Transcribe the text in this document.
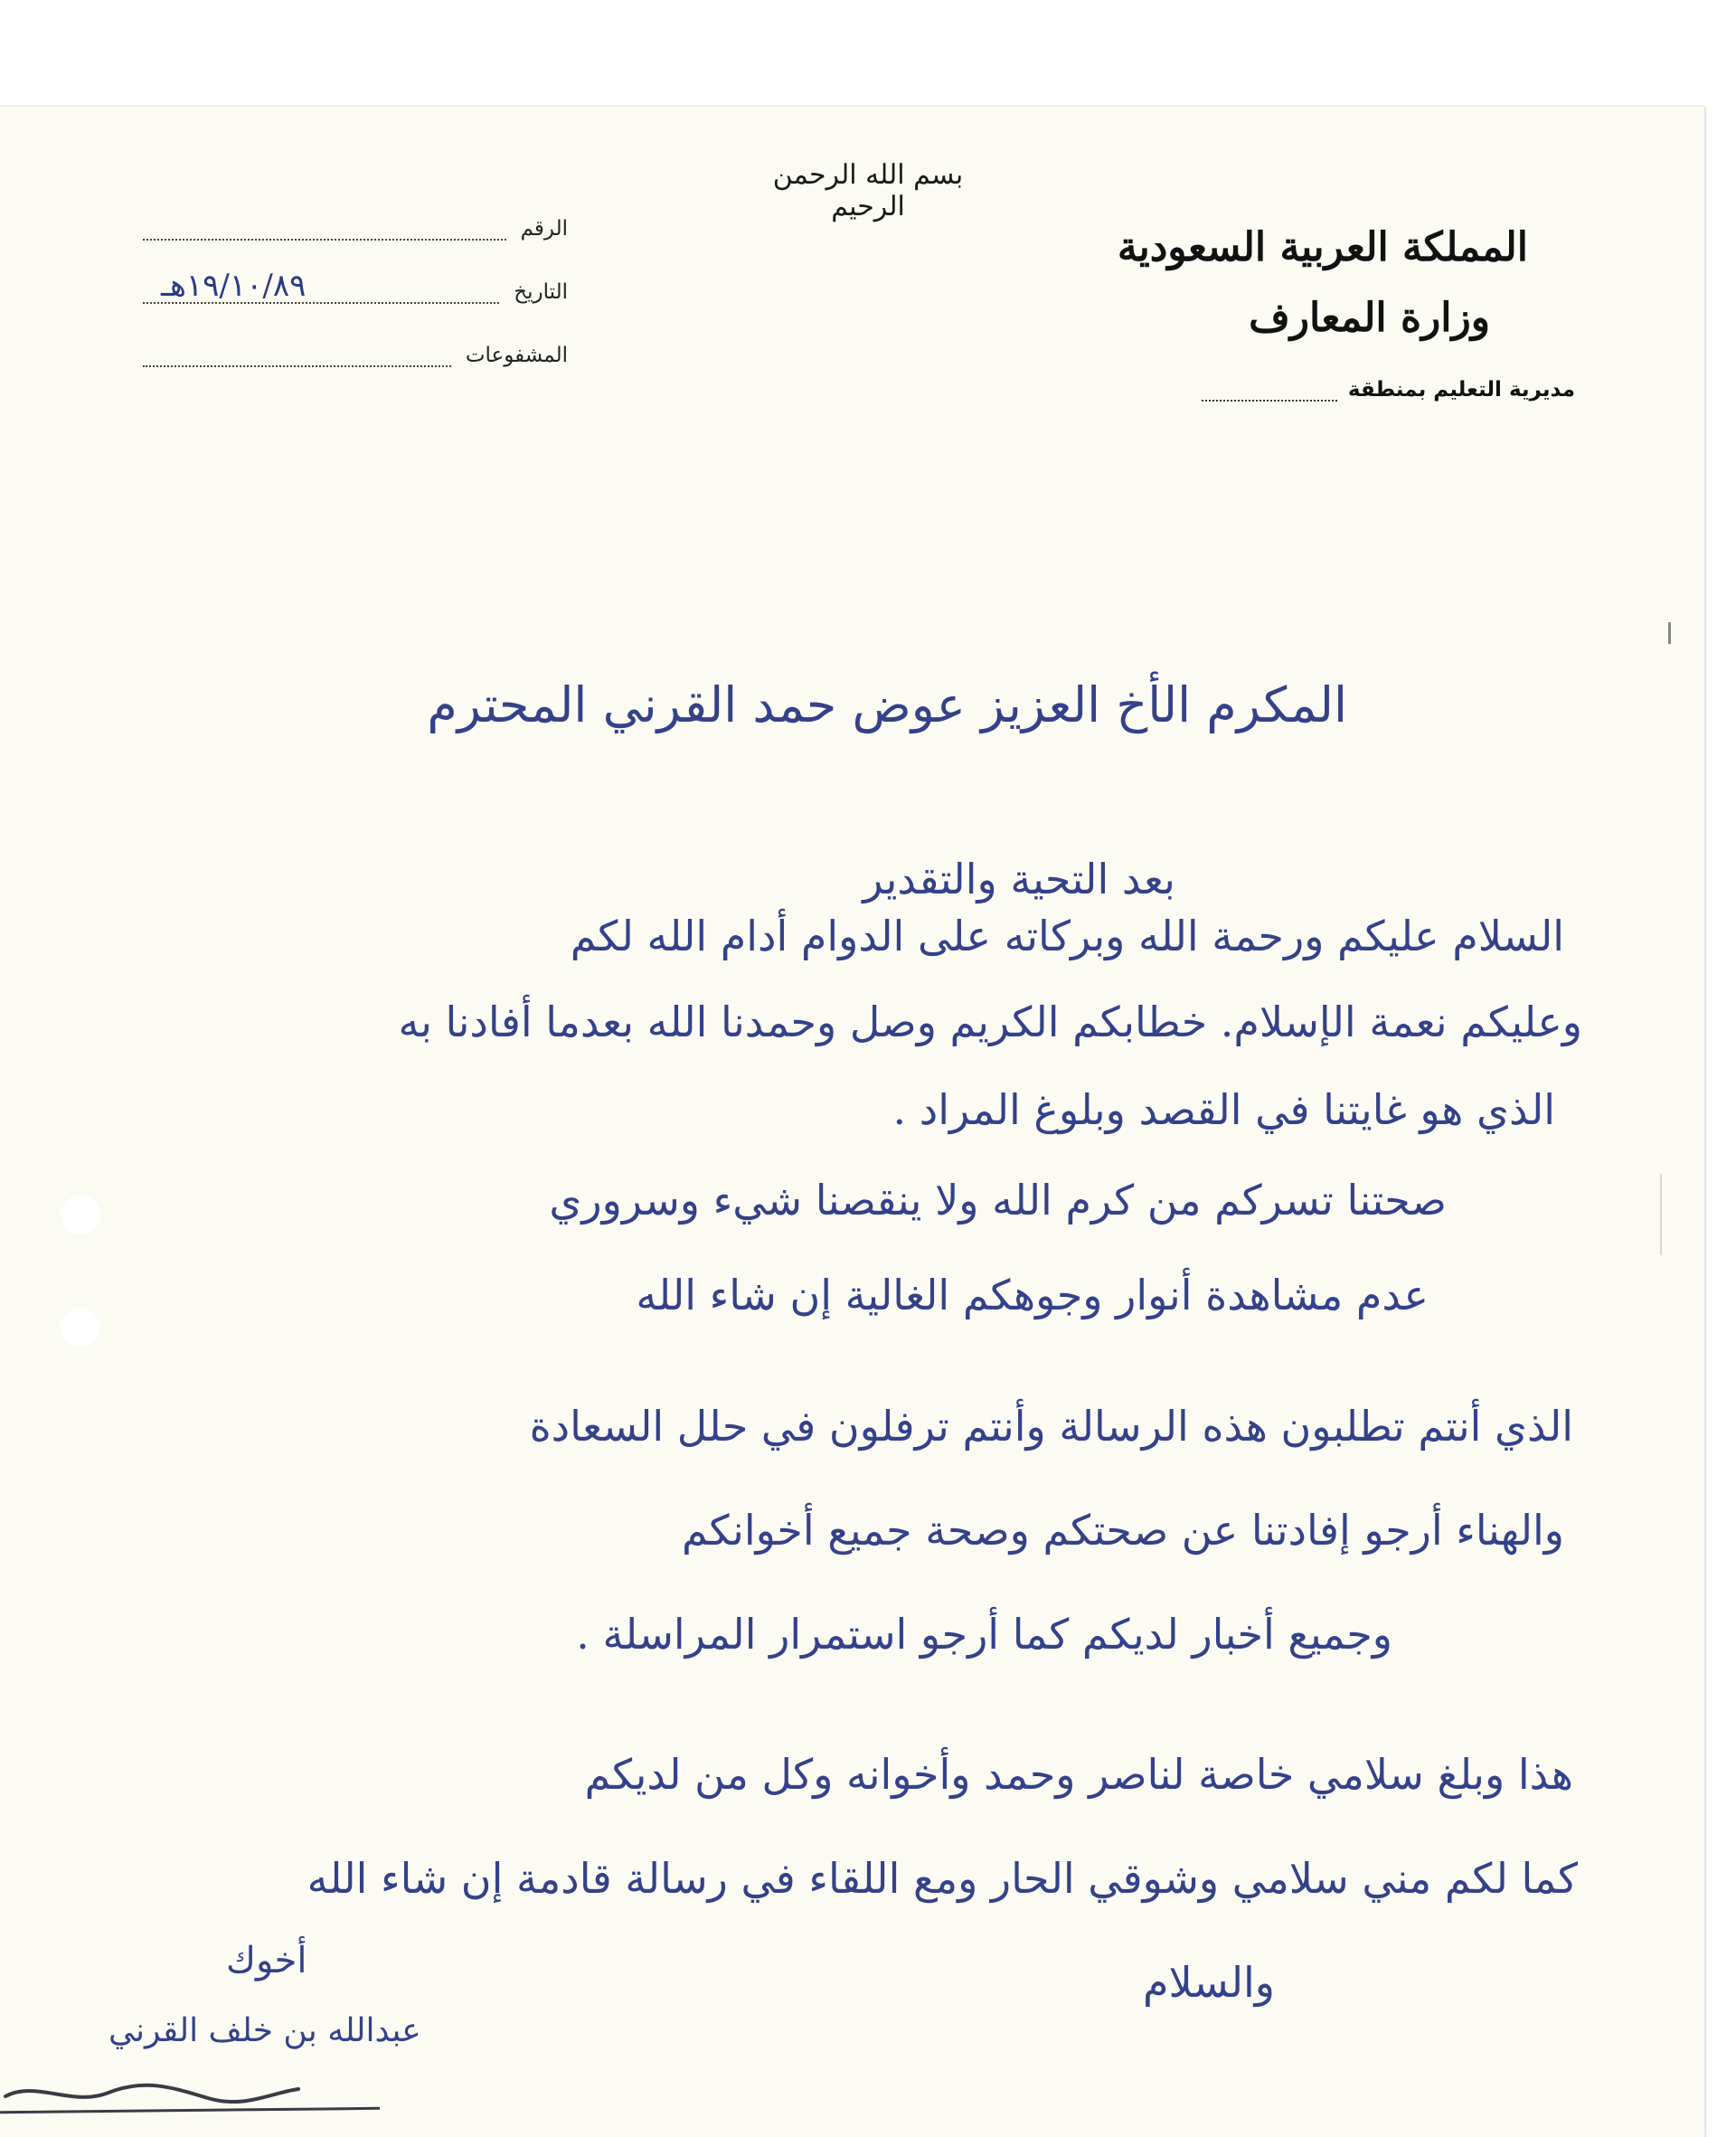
بسم الله الرحمن الرحيم
المملكة العربية السعودية
وزارة المعارف
مديرية التعليم بمنطقة
الرقم
التاريخ
١٩/١٠/٨٩هـ
المشفوعات
المكرم الأخ العزيز عوض حمد القرني المحترم
بعد التحية والتقدير
السلام عليكم ورحمة الله وبركاته على الدوام أدام الله لكم
وعليكم نعمة الإسلام. خطابكم الكريم وصل وحمدنا الله بعدما أفادنا به
الذي هو غايتنا في القصد وبلوغ المراد .
صحتنا تسركم من كرم الله ولا ينقصنا شيء وسروري
عدم مشاهدة أنوار وجوهكم الغالية إن شاء الله
الذي أنتم تطلبون هذه الرسالة وأنتم ترفلون في حلل السعادة
والهناء أرجو إفادتنا عن صحتكم وصحة جميع أخوانكم
وجميع أخبار لديكم كما أرجو استمرار المراسلة .
هذا وبلغ سلامي خاصة لناصر وحمد وأخوانه وكل من لديكم
كما لكم مني سلامي وشوقي الحار ومع اللقاء في رسالة قادمة إن شاء الله
والسلام
أخوك
عبدالله بن خلف القرني
